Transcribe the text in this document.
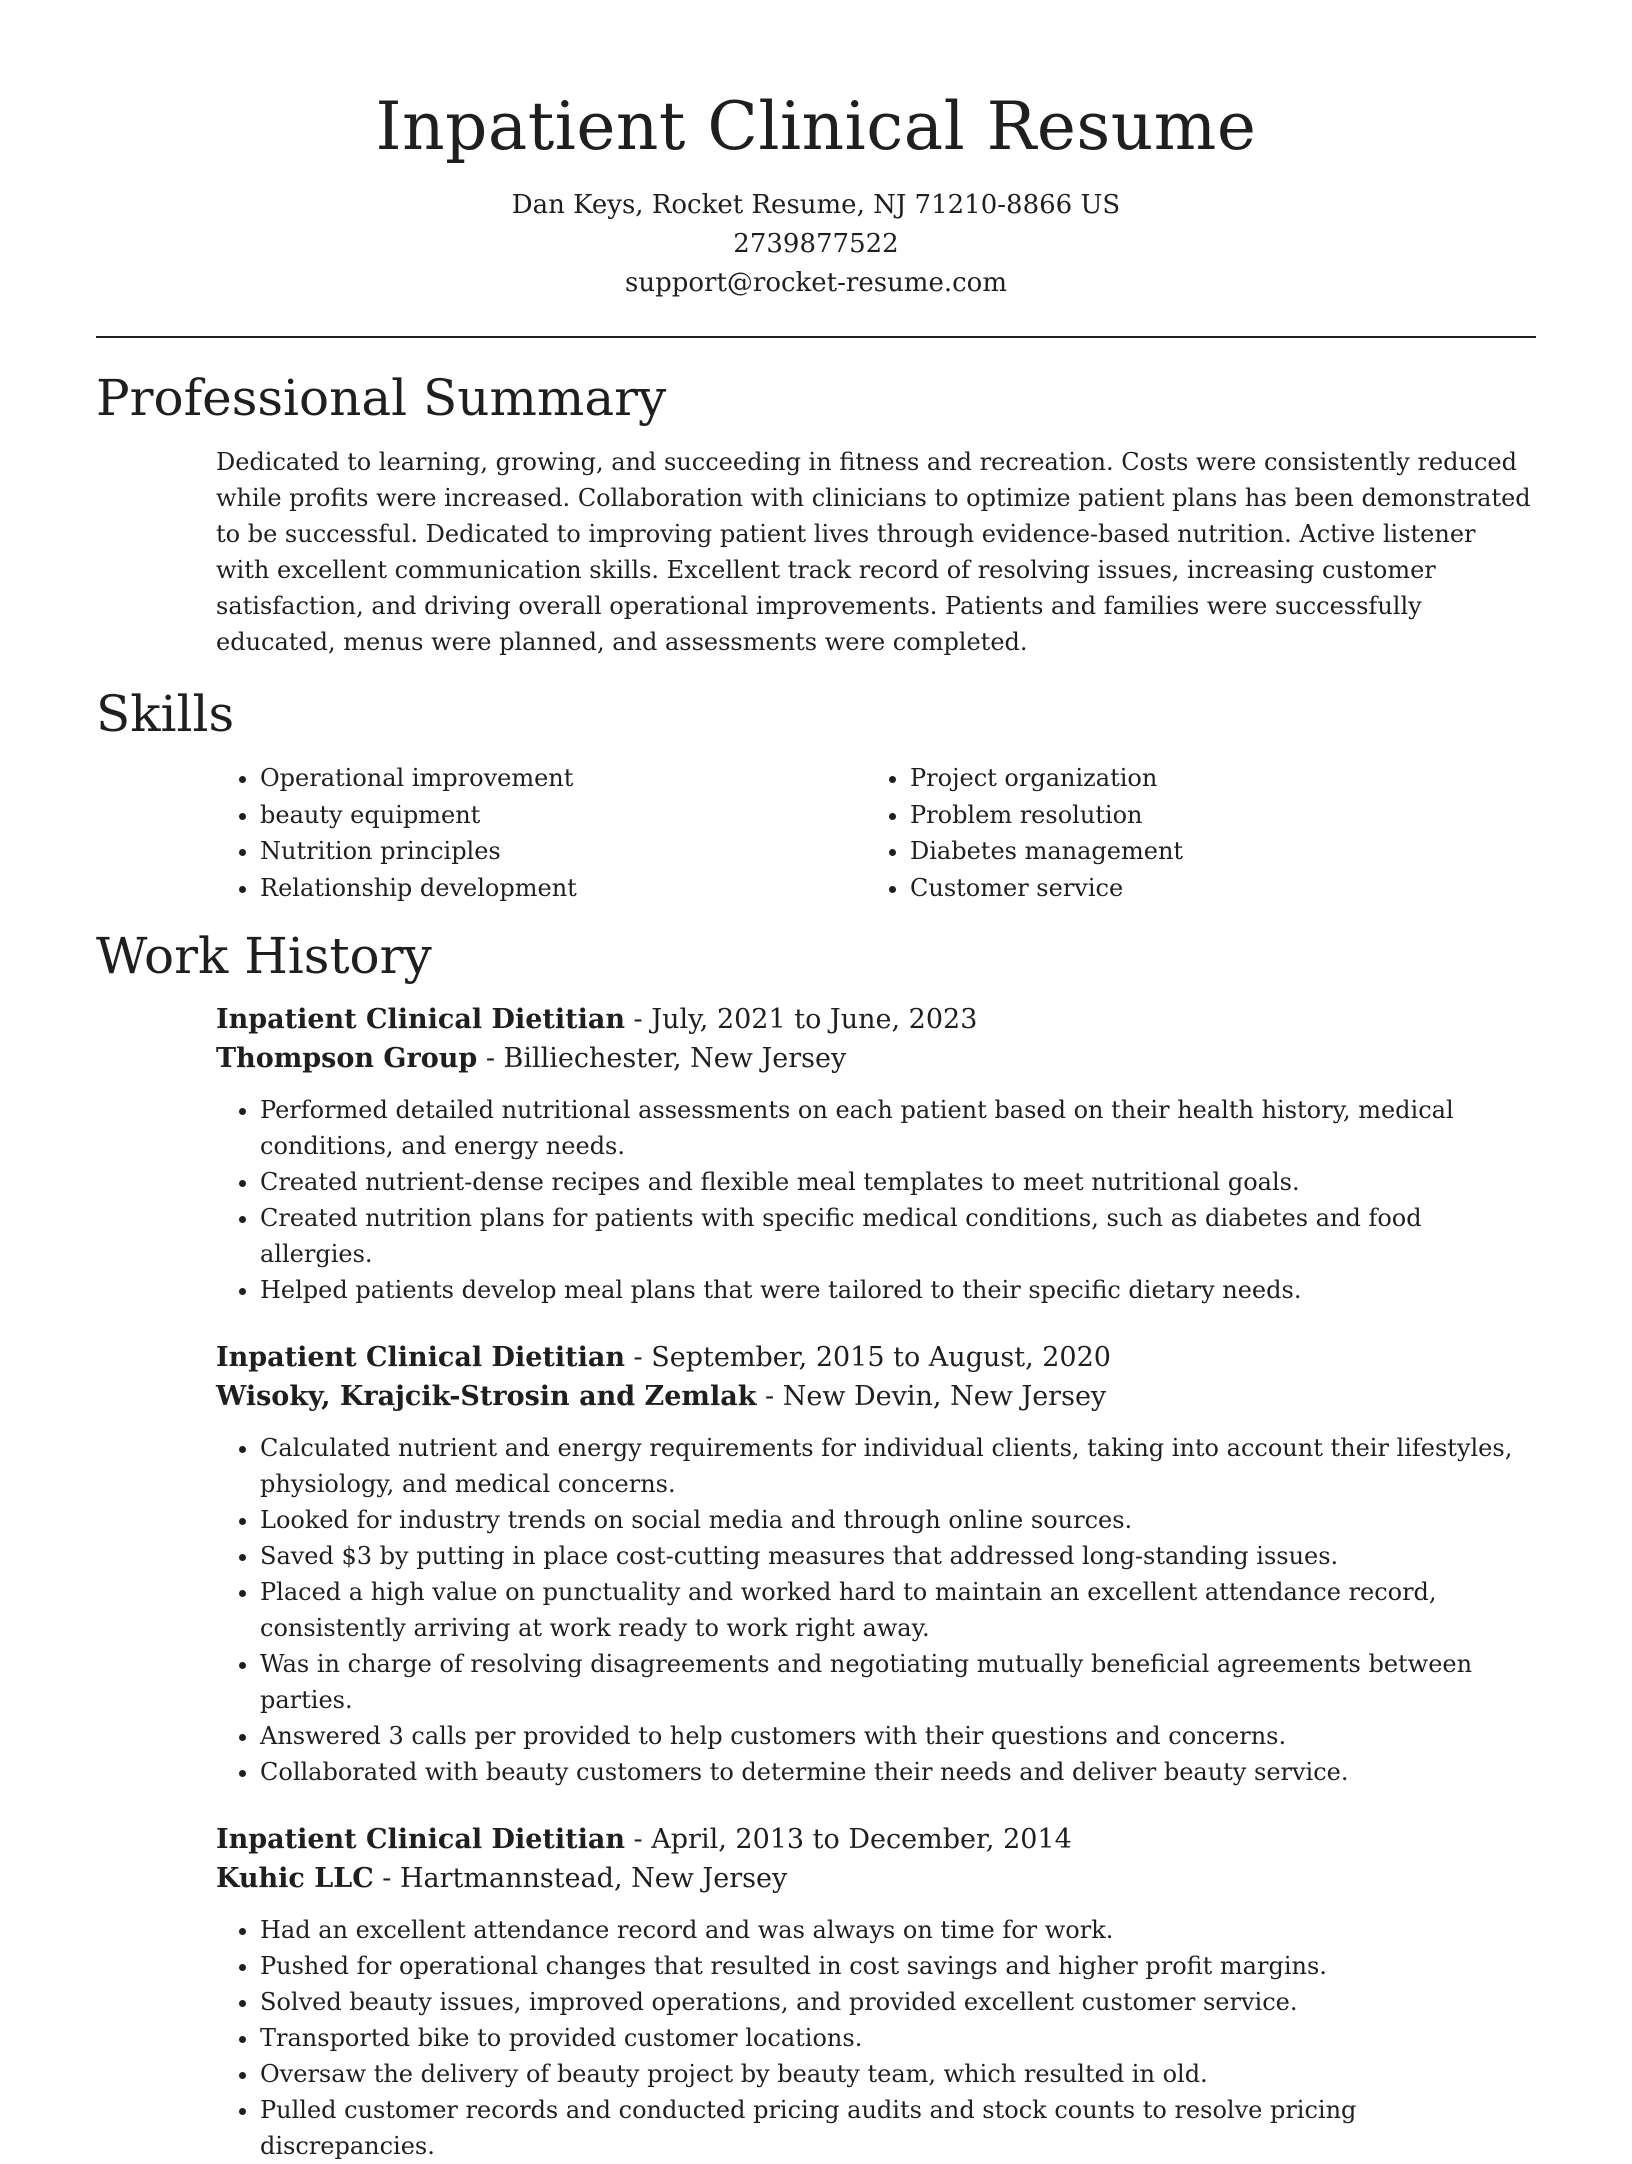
Inpatient Clinical Resume
Dan Keys, Rocket Resume, NJ 71210-8866 US
2739877522
support@rocket-resume.com
Professional Summary

Dedicated to learning, growing, and succeeding in fitness and recreation. Costs were consistently reduced while profits were increased. Collaboration with clinicians to optimize patient plans has been demonstrated to be successful. Dedicated to improving patient lives through evidence-based nutrition. Active listener with excellent communication skills. Excellent track record of resolving issues, increasing customer satisfaction, and driving overall operational improvements. Patients and families were successfully educated, menus were planned, and assessments were completed.

Skills
• Operational improvement
• beauty equipment
• Nutrition principles
• Relationship development
• Project organization
• Problem resolution
• Diabetes management
• Customer service
Work History
Inpatient Clinical Dietitian - July, 2021 to June, 2023
Thompson Group - Billiechester, New Jersey
• Performed detailed nutritional assessments on each patient based on their health history, medical conditions, and energy needs.
• Created nutrient-dense recipes and flexible meal templates to meet nutritional goals.
• Created nutrition plans for patients with specific medical conditions, such as diabetes and food allergies.
• Helped patients develop meal plans that were tailored to their specific dietary needs.
Inpatient Clinical Dietitian - September, 2015 to August, 2020
Wisoky, Krajcik-Strosin and Zemlak - New Devin, New Jersey
• Calculated nutrient and energy requirements for individual clients, taking into account their lifestyles, physiology, and medical concerns.
• Looked for industry trends on social media and through online sources.
• Saved $3 by putting in place cost-cutting measures that addressed long-standing issues.
• Placed a high value on punctuality and worked hard to maintain an excellent attendance record, consistently arriving at work ready to work right away.
• Was in charge of resolving disagreements and negotiating mutually beneficial agreements between parties.
• Answered 3 calls per provided to help customers with their questions and concerns.
• Collaborated with beauty customers to determine their needs and deliver beauty service.
Inpatient Clinical Dietitian - April, 2013 to December, 2014
Kuhic LLC - Hartmannstead, New Jersey
• Had an excellent attendance record and was always on time for work.
• Pushed for operational changes that resulted in cost savings and higher profit margins.
• Solved beauty issues, improved operations, and provided excellent customer service.
• Transported bike to provided customer locations.
• Oversaw the delivery of beauty project by beauty team, which resulted in old.
• Pulled customer records and conducted pricing audits and stock counts to resolve pricing discrepancies.
